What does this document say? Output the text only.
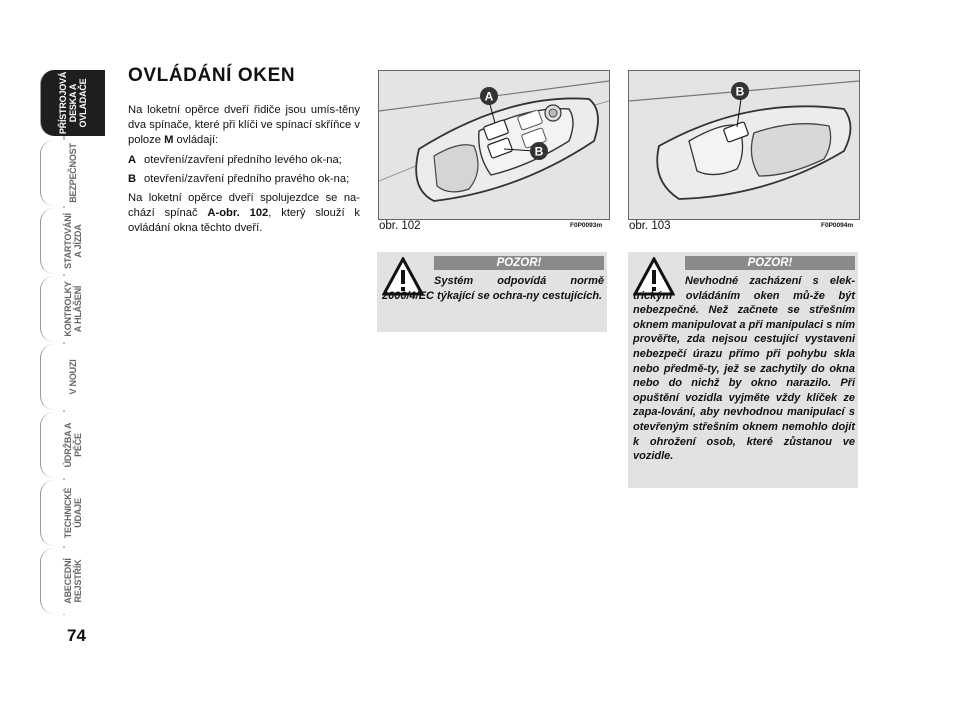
PŘÍSTROJOVÁ
DESKA A
OVLADAČE
BEZPEČNOST
STARTOVÁNÍ
A JÍZDA
KONTROLKY
A HLÁŠENÍ
V NOUZI
ÚDRŽBA A
PÉČE
TECHNICKÉ
ÚDAJE
ABECEDNÍ
REJSTŘÍK
74
OVLÁDÁNÍ OKEN

Na loketní opěrce dveří řidiče jsou umís-těny dva spínače, které při klíči ve spínací skříňce v poloze M ovládají:

A otevření/zavření předního levého ok-na;
B otevření/zavření předního pravého ok-na;

Na loketní opěrce dveří spolujezdce se na-chází spínač A-obr. 102, který slouží k ovládání okna těchto dveří.

A
B
obr. 102	F0P0093m
B
obr. 103	F0P0094m
POZOR!
Systém odpovídá normě 2000/4/EC týkající se ochra-ny cestujících.
POZOR!
Nevhodné zacházení s elek-trickým ovládáním oken mů-že být nebezpečné. Než začnete se střešním oknem manipulovat a při manipulaci s ním prověřte, zda nejsou cestující vystaveni nebezpečí úrazu přímo při pohybu skla nebo předmě-ty, jež se zachytily do okna nebo do nichž by okno narazilo. Při opuštění vozidla vyjměte vždy klíček ze zapa-lování, aby nevhodnou manipulací s otevřeným střešním oknem nemohlo dojít k ohrožení osob, které zůstanou ve vozidle.
